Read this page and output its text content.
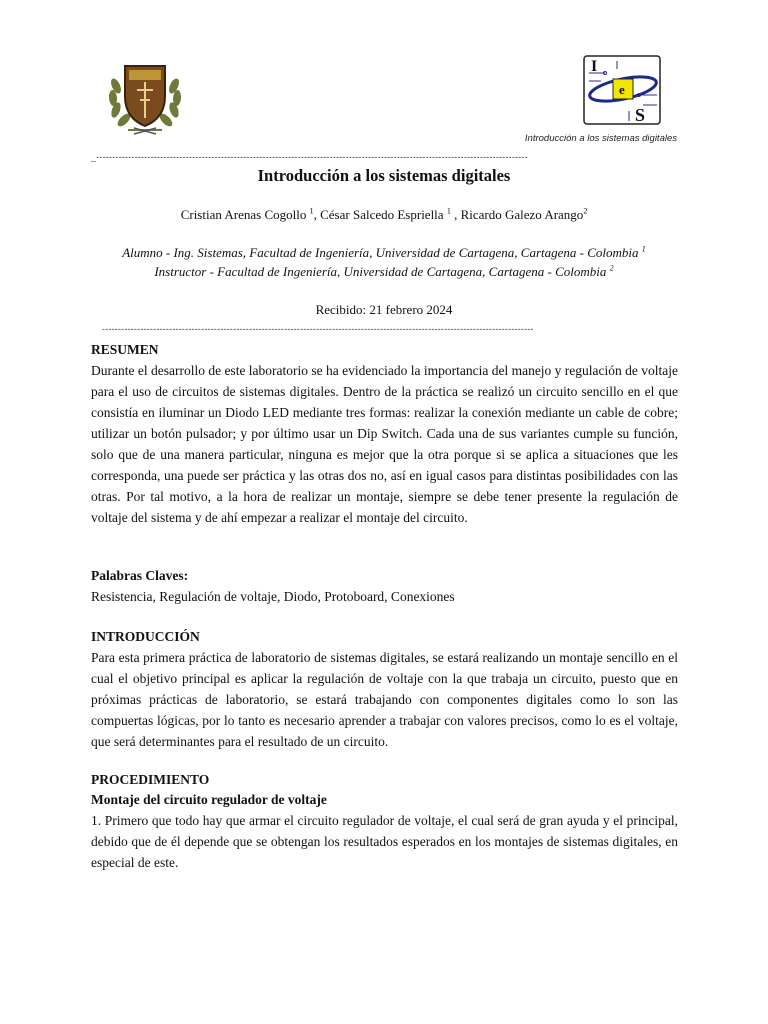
I
e
S
Introducción a los sistemas digitales
_ ---------------------------------------------------------------------------------------------------------------------------------------
Introducción a los sistemas digitales
Cristian Arenas Cogollo $^1$, César Salcedo Espriella $^1$ , Ricardo Galezo Arango$^2$
Alumno - Ing. Sistemas, Facultad de Ingeniería, Universidad de Cartagena, Cartagena - Colombia $^1$
Instructor - Facultad de Ingeniería, Universidad de Cartagena, Cartagena - Colombia $^2$
Recibido: 21 febrero 2024
---------------------------------------------------------------------------------------------------------------------------------------
RESUMEN

Durante el desarrollo de este laboratorio se ha evidenciado la importancia del manejo y regulación de voltaje para el uso de circuitos de sistemas digitales. Dentro de la práctica se realizó un circuito sencillo en el que consistía en iluminar un Diodo LED mediante tres formas: realizar la conexión mediante un cable de cobre; utilizar un botón pulsador; y por último usar un Dip Switch. Cada una de sus variantes cumple su función, solo que de una manera particular, ninguna es mejor que la otra porque si se aplica a situaciones que les corresponda, una puede ser práctica y las otras dos no, así en igual casos para distintas posibilidades con las otras. Por tal motivo, a la hora de realizar un montaje, siempre se debe tener presente la regulación de voltaje del sistema y de ahí empezar a realizar el montaje del circuito.

Palabras Claves:

Resistencia, Regulación de voltaje, Diodo, Protoboard, Conexiones

INTRODUCCIÓN

Para esta primera práctica de laboratorio de sistemas digitales, se estará realizando un montaje sencillo en el cual el objetivo principal es aplicar la regulación de voltaje con la que trabaja un circuito, puesto que en próximas prácticas de laboratorio, se estará trabajando con componentes digitales como lo son las compuertas lógicas, por lo tanto es necesario aprender a trabajar con valores precisos, como lo es el voltaje, que será determinantes para el resultado de un circuito.

PROCEDIMIENTO
Montaje del circuito regulador de voltaje

1. Primero que todo hay que armar el circuito regulador de voltaje, el cual será de gran ayuda y el principal, debido que de él depende que se obtengan los resultados esperados en los montajes de sistemas digitales, en especial de este.
